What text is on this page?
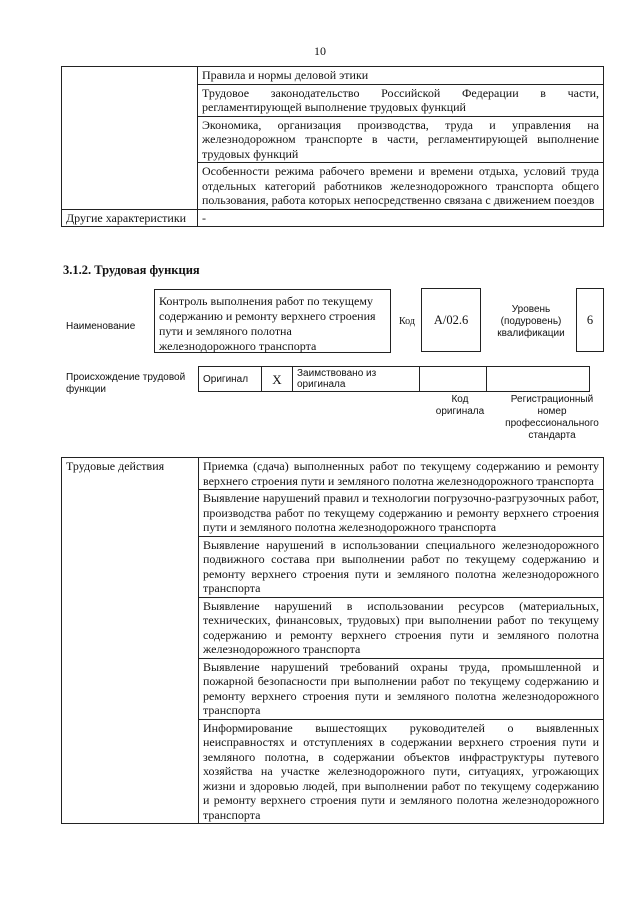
10
	Правила и нормы деловой этики
	Трудовое законодательство Российской Федерации в части, регламентирующей выполнение трудовых функций
	Экономика, организация производства, труда и управления на железнодорожном транспорте в части, регламентирующей выполнение трудовых функций
	Особенности режима рабочего времени и времени отдыха, условий труда отдельных категорий работников железнодорожного транспорта общего пользования, работа которых непосредственно связана с движением поездов
Другие характеристики	-
3.1.2. Трудовая функция
Наименование
Контроль выполнения работ по текущему содержанию и ремонту верхнего строения пути и земляного полотна железнодорожного транспорта
Код	A/02.6
Уровень (подуровень) квалификации
6
Происхождение трудовой функции
Оригинал	X	Заимствовано из оригинала		
Код оригинала
Регистрационный номер профессионального стандарта
Трудовые действия	Приемка (сдача) выполненных работ по текущему содержанию и ремонту верхнего строения пути и земляного полотна железнодорожного транспорта
Выявление нарушений правил и технологии погрузочно-разгрузочных работ, производства работ по текущему содержанию и ремонту верхнего строения пути и земляного полотна железнодорожного транспорта
Выявление нарушений в использовании специального железнодорожного подвижного состава при выполнении работ по текущему содержанию и ремонту верхнего строения пути и земляного полотна железнодорожного транспорта
Выявление нарушений в использовании ресурсов (материальных, технических, финансовых, трудовых) при выполнении работ по текущему содержанию и ремонту верхнего строения пути и земляного полотна железнодорожного транспорта
Выявление нарушений требований охраны труда, промышленной и пожарной безопасности при выполнении работ по текущему содержанию и ремонту верхнего строения пути и земляного полотна железнодорожного транспорта
Информирование вышестоящих руководителей о выявленных неисправностях и отступлениях в содержании верхнего строения пути и земляного полотна, в содержании объектов инфраструктуры путевого хозяйства на участке железнодорожного пути, ситуациях, угрожающих жизни и здоровью людей, при выполнении работ по текущему содержанию и ремонту верхнего строения пути и земляного полотна железнодорожного транспорта
